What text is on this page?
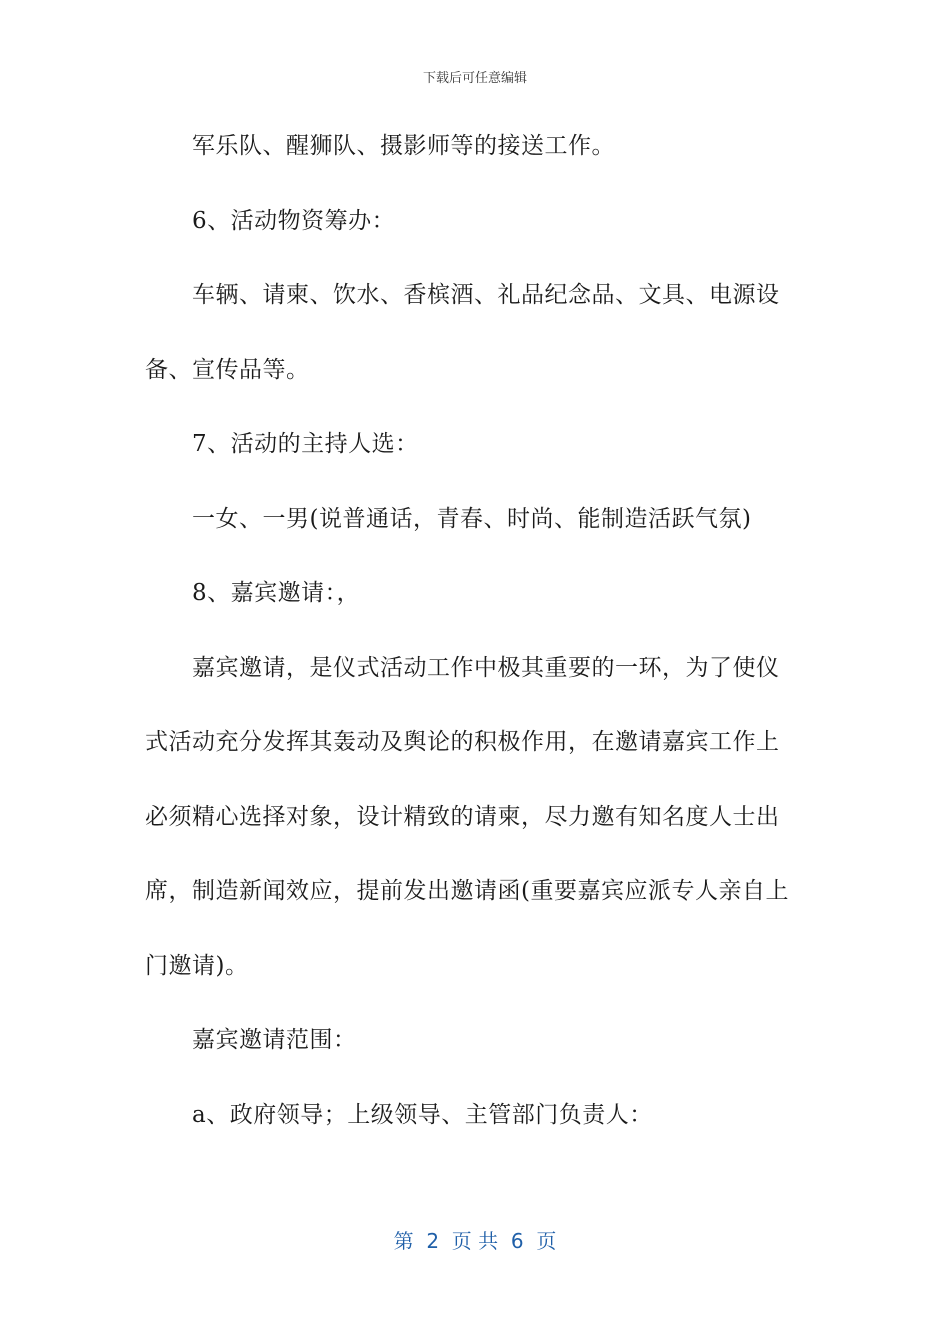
下载后可任意编辑
军乐队、醒狮队、摄影师等的接送工作。
6、活动物资筹办：
车辆、请柬、饮水、香槟酒、礼品纪念品、文具、电源设
备、宣传品等。
7、活动的主持人选：
一女、一男(说普通话，青春、时尚、能制造活跃气氛)
8、嘉宾邀请：，
嘉宾邀请，是仪式活动工作中极其重要的一环，为了使仪
式活动充分发挥其轰动及舆论的积极作用，在邀请嘉宾工作上
必须精心选择对象，设计精致的请柬，尽力邀有知名度人士出
席，制造新闻效应，提前发出邀请函(重要嘉宾应派专人亲自上
门邀请)。
嘉宾邀请范围：
a、政府领导；上级领导、主管部门负责人：
第  2  页 共  6  页
